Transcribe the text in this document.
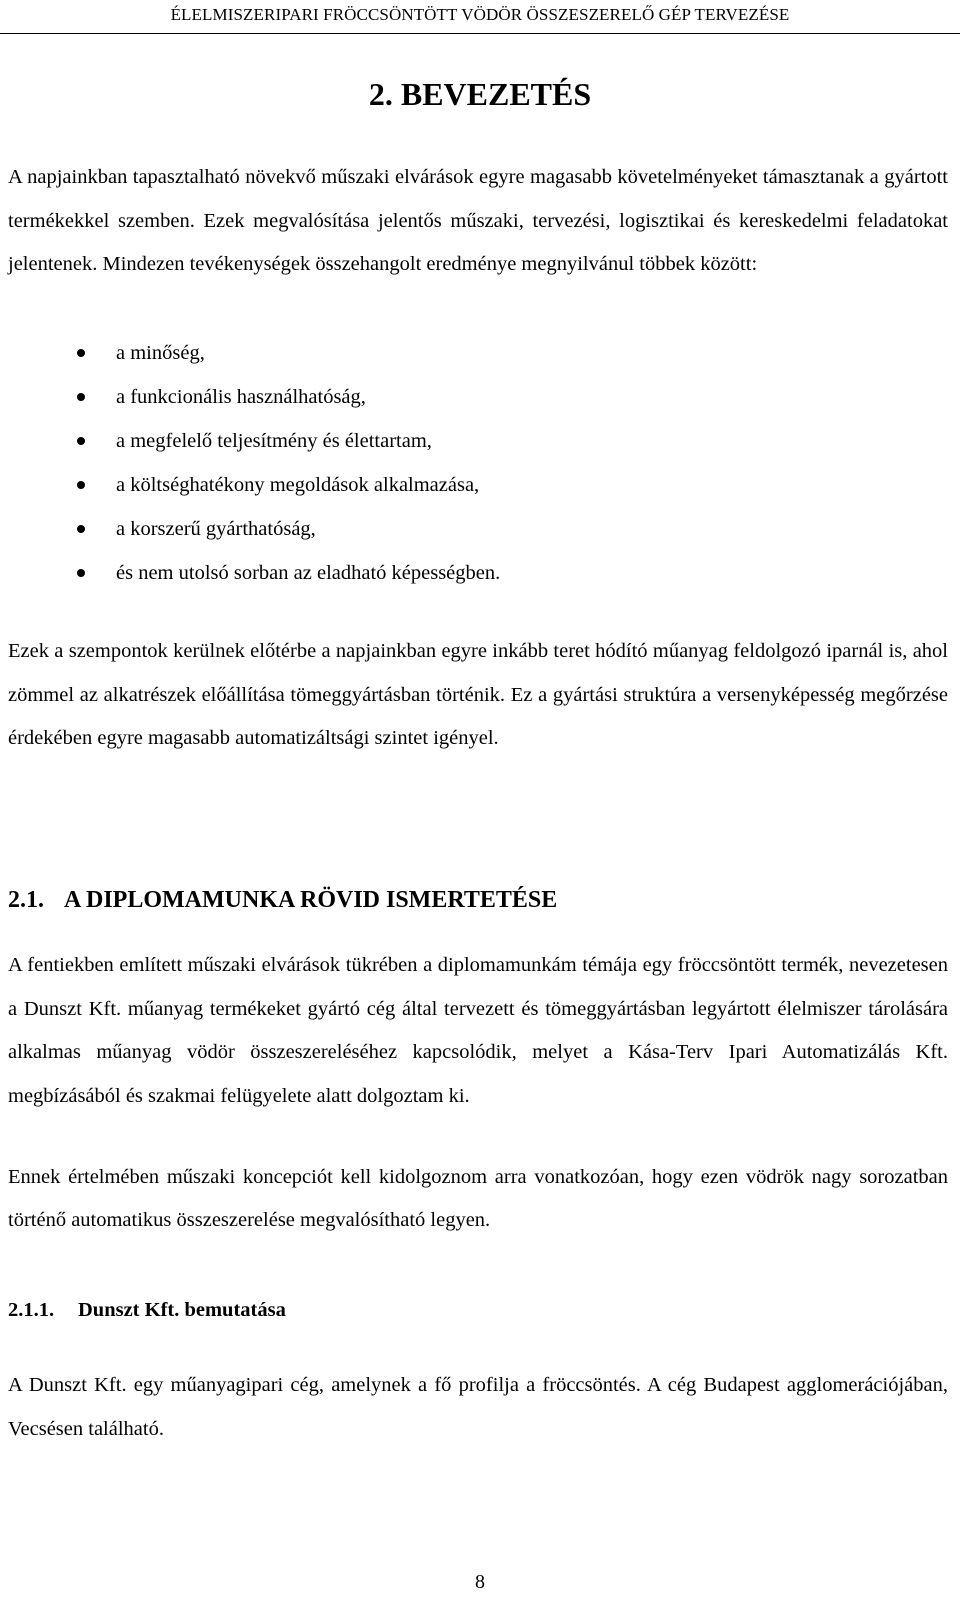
ÉLELMISZERIPARI FRÖCCSÖNTÖTT VÖDÖR ÖSSZESZERELŐ GÉP TERVEZÉSE
2. BEVEZETÉS

A napjainkban tapasztalható növekvő műszaki elvárások egyre magasabb követelményeket támasztanak a gyártott termékekkel szemben. Ezek megvalósítása jelentős műszaki, tervezési, logisztikai és kereskedelmi feladatokat jelentenek. Mindezen tevékenységek összehangolt eredménye megnyilvánul többek között:

a minőség,
a funkcionális használhatóság,
a megfelelő teljesítmény és élettartam,
a költséghatékony megoldások alkalmazása,
a korszerű gyárthatóság,
és nem utolsó sorban az eladható képességben.

Ezek a szempontok kerülnek előtérbe a napjainkban egyre inkább teret hódító műanyag feldolgozó iparnál is, ahol zömmel az alkatrészek előállítása tömeggyártásban történik. Ez a gyártási struktúra a versenyképesség megőrzése érdekében egyre magasabb automatizáltsági szintet igényel.

2.1. A DIPLOMAMUNKA RÖVID ISMERTETÉSE

A fentiekben említett műszaki elvárások tükrében a diplomamunkám témája egy fröccsöntött termék, nevezetesen a Dunszt Kft. műanyag termékeket gyártó cég által tervezett és tömeggyártásban legyártott élelmiszer tárolására alkalmas műanyag vödör összeszereléséhez kapcsolódik, melyet a Kása-Terv Ipari Automatizálás Kft. megbízásából és szakmai felügyelete alatt dolgoztam ki.

Ennek értelmében műszaki koncepciót kell kidolgoznom arra vonatkozóan, hogy ezen vödrök nagy sorozatban történő automatikus összeszerelése megvalósítható legyen.

2.1.1. Dunszt Kft. bemutatása

A Dunszt Kft. egy műanyagipari cég, amelynek a fő profilja a fröccsöntés. A cég Budapest agglomerációjában, Vecsésen található.

8
